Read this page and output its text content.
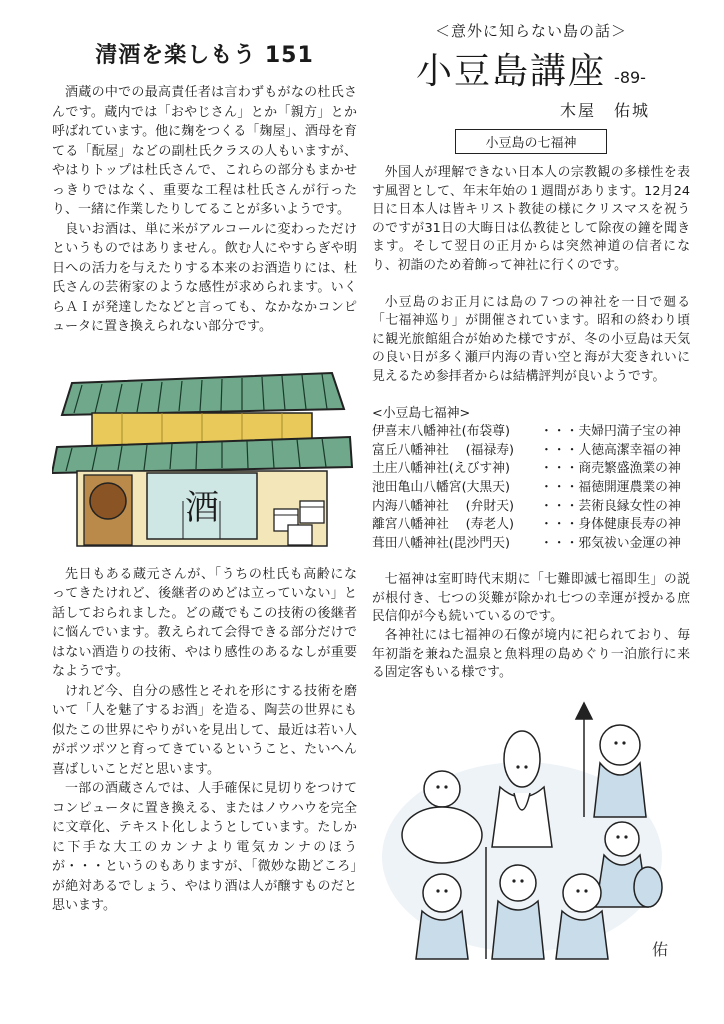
清酒を楽しもう 151

酒蔵の中での最高責任者は言わずもがなの杜氏さんです。蔵内では「おやじさん」とか「親方」とか呼ばれています。他に麹をつくる「麹屋」、酒母を育てる「酛屋」などの副杜氏クラスの人もいますが、やはりトップは杜氏さんで、これらの部分もまかせっきりではなく、重要な工程は杜氏さんが行ったり、一緒に作業したりしてることが多いようです。

良いお酒は、単に米がアルコールに変わっただけというものではありません。飲む人にやすらぎや明日への活力を与えたりする本来のお酒造りには、杜氏さんの芸術家のような感性が求められます。いくらＡＩが発達したなどと言っても、なかなかコンピュータに置き換えられない部分です。

酒

先日もある蔵元さんが、「うちの杜氏も高齢になってきたけれど、後継者のめどは立っていない」と話しておられました。どの蔵でもこの技術の後継者に悩んでいます。教えられて会得できる部分だけではない酒造りの技術、やはり感性のあるなしが重要なようです。

けれど今、自分の感性とそれを形にする技術を磨いて「人を魅了するお酒」を造る、陶芸の世界にも似たこの世界にやりがいを見出して、最近は若い人がポツポツと育ってきているということ、たいへん喜ばしいことだと思います。

一部の酒蔵さんでは、人手確保に見切りをつけてコンピュータに置き換える、またはノウハウを完全に文章化、テキスト化しようとしています。たしかに下手な大工のカンナより電気カンナのほうが・・・というのもありますが、「微妙な勘どころ」が絶対あるでしょう、やはり酒は人が醸すものだと思います。

＜意外に知らない島の話＞

小豆島講座 -89-

木屋　佑城

小豆島の七福神

外国人が理解できない日本人の宗教観の多様性を表す風習として、年末年始の１週間があります。12月24日に日本人は皆キリスト教徒の様にクリスマスを祝うのですが31日の大晦日は仏教徒として除夜の鐘を聞きます。そして翌日の正月からは突然神道の信者になり、初詣のため着飾って神社に行くのです。

小豆島のお正月には島の７つの神社を一日で廻る「七福神巡り」が開催されています。昭和の終わり頃に観光旅館組合が始めた様ですが、冬の小豆島は天気の良い日が多く瀬戸内海の青い空と海が大変きれいに見えるため参拝者からは結構評判が良いようです。

<小豆島七福神>

伊喜末八幡神社(布袋尊)	・・・夫婦円満子宝の神
富丘八幡神社　 (福禄寿)	・・・人徳高潔幸福の神
土庄八幡神社(えびす神)	・・・商売繁盛漁業の神
池田亀山八幡宮(大黒天)	・・・福徳開運農業の神
内海八幡神社　 (弁財天)	・・・芸術良縁女性の神
離宮八幡神社　 (寿老人)	・・・身体健康長寿の神
葺田八幡神社(毘沙門天)	・・・邪気祓い金運の神

七福神は室町時代末期に「七難即滅七福即生」の説が根付き、七つの災難が除かれ七つの幸運が授かる庶民信仰が今も続いているのです。

各神社には七福神の石像が境内に祀られており、毎年初詣を兼ねた温泉と魚料理の島めぐり一泊旅行に来る固定客もいる様です。

佑
